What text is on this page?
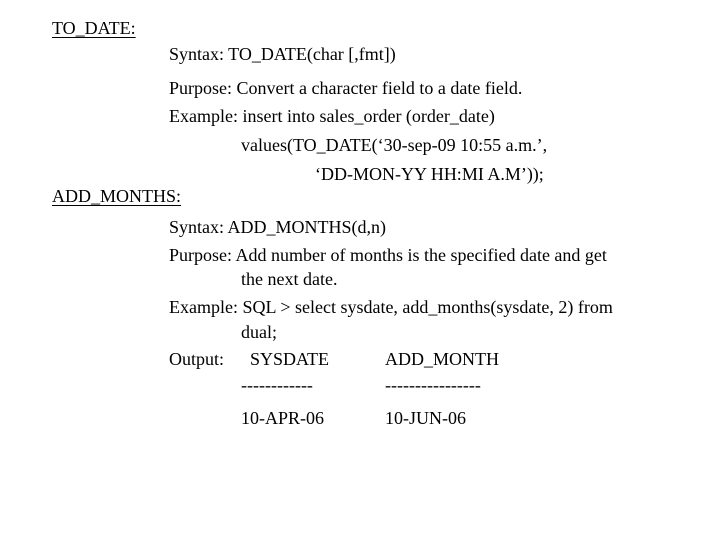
TO_DATE:
Syntax: TO_DATE(char [,fmt])
Purpose: Convert a character field to a date field.
Example: insert into sales_order (order_date)
values(TO_DATE(‘30-sep-09 10:55 a.m.’,
‘DD-MON-YY HH:MI A.M’));
ADD_MONTHS:
Syntax: ADD_MONTHS(d,n)
Purpose: Add number of months is the specified date and get
the next date.
Example: SQL > select sysdate, add_months(sysdate, 2) from
dual;
Output: SYSDATE	ADD_MONTH
------------	----------------
10-APR-06	10-JUN-06
